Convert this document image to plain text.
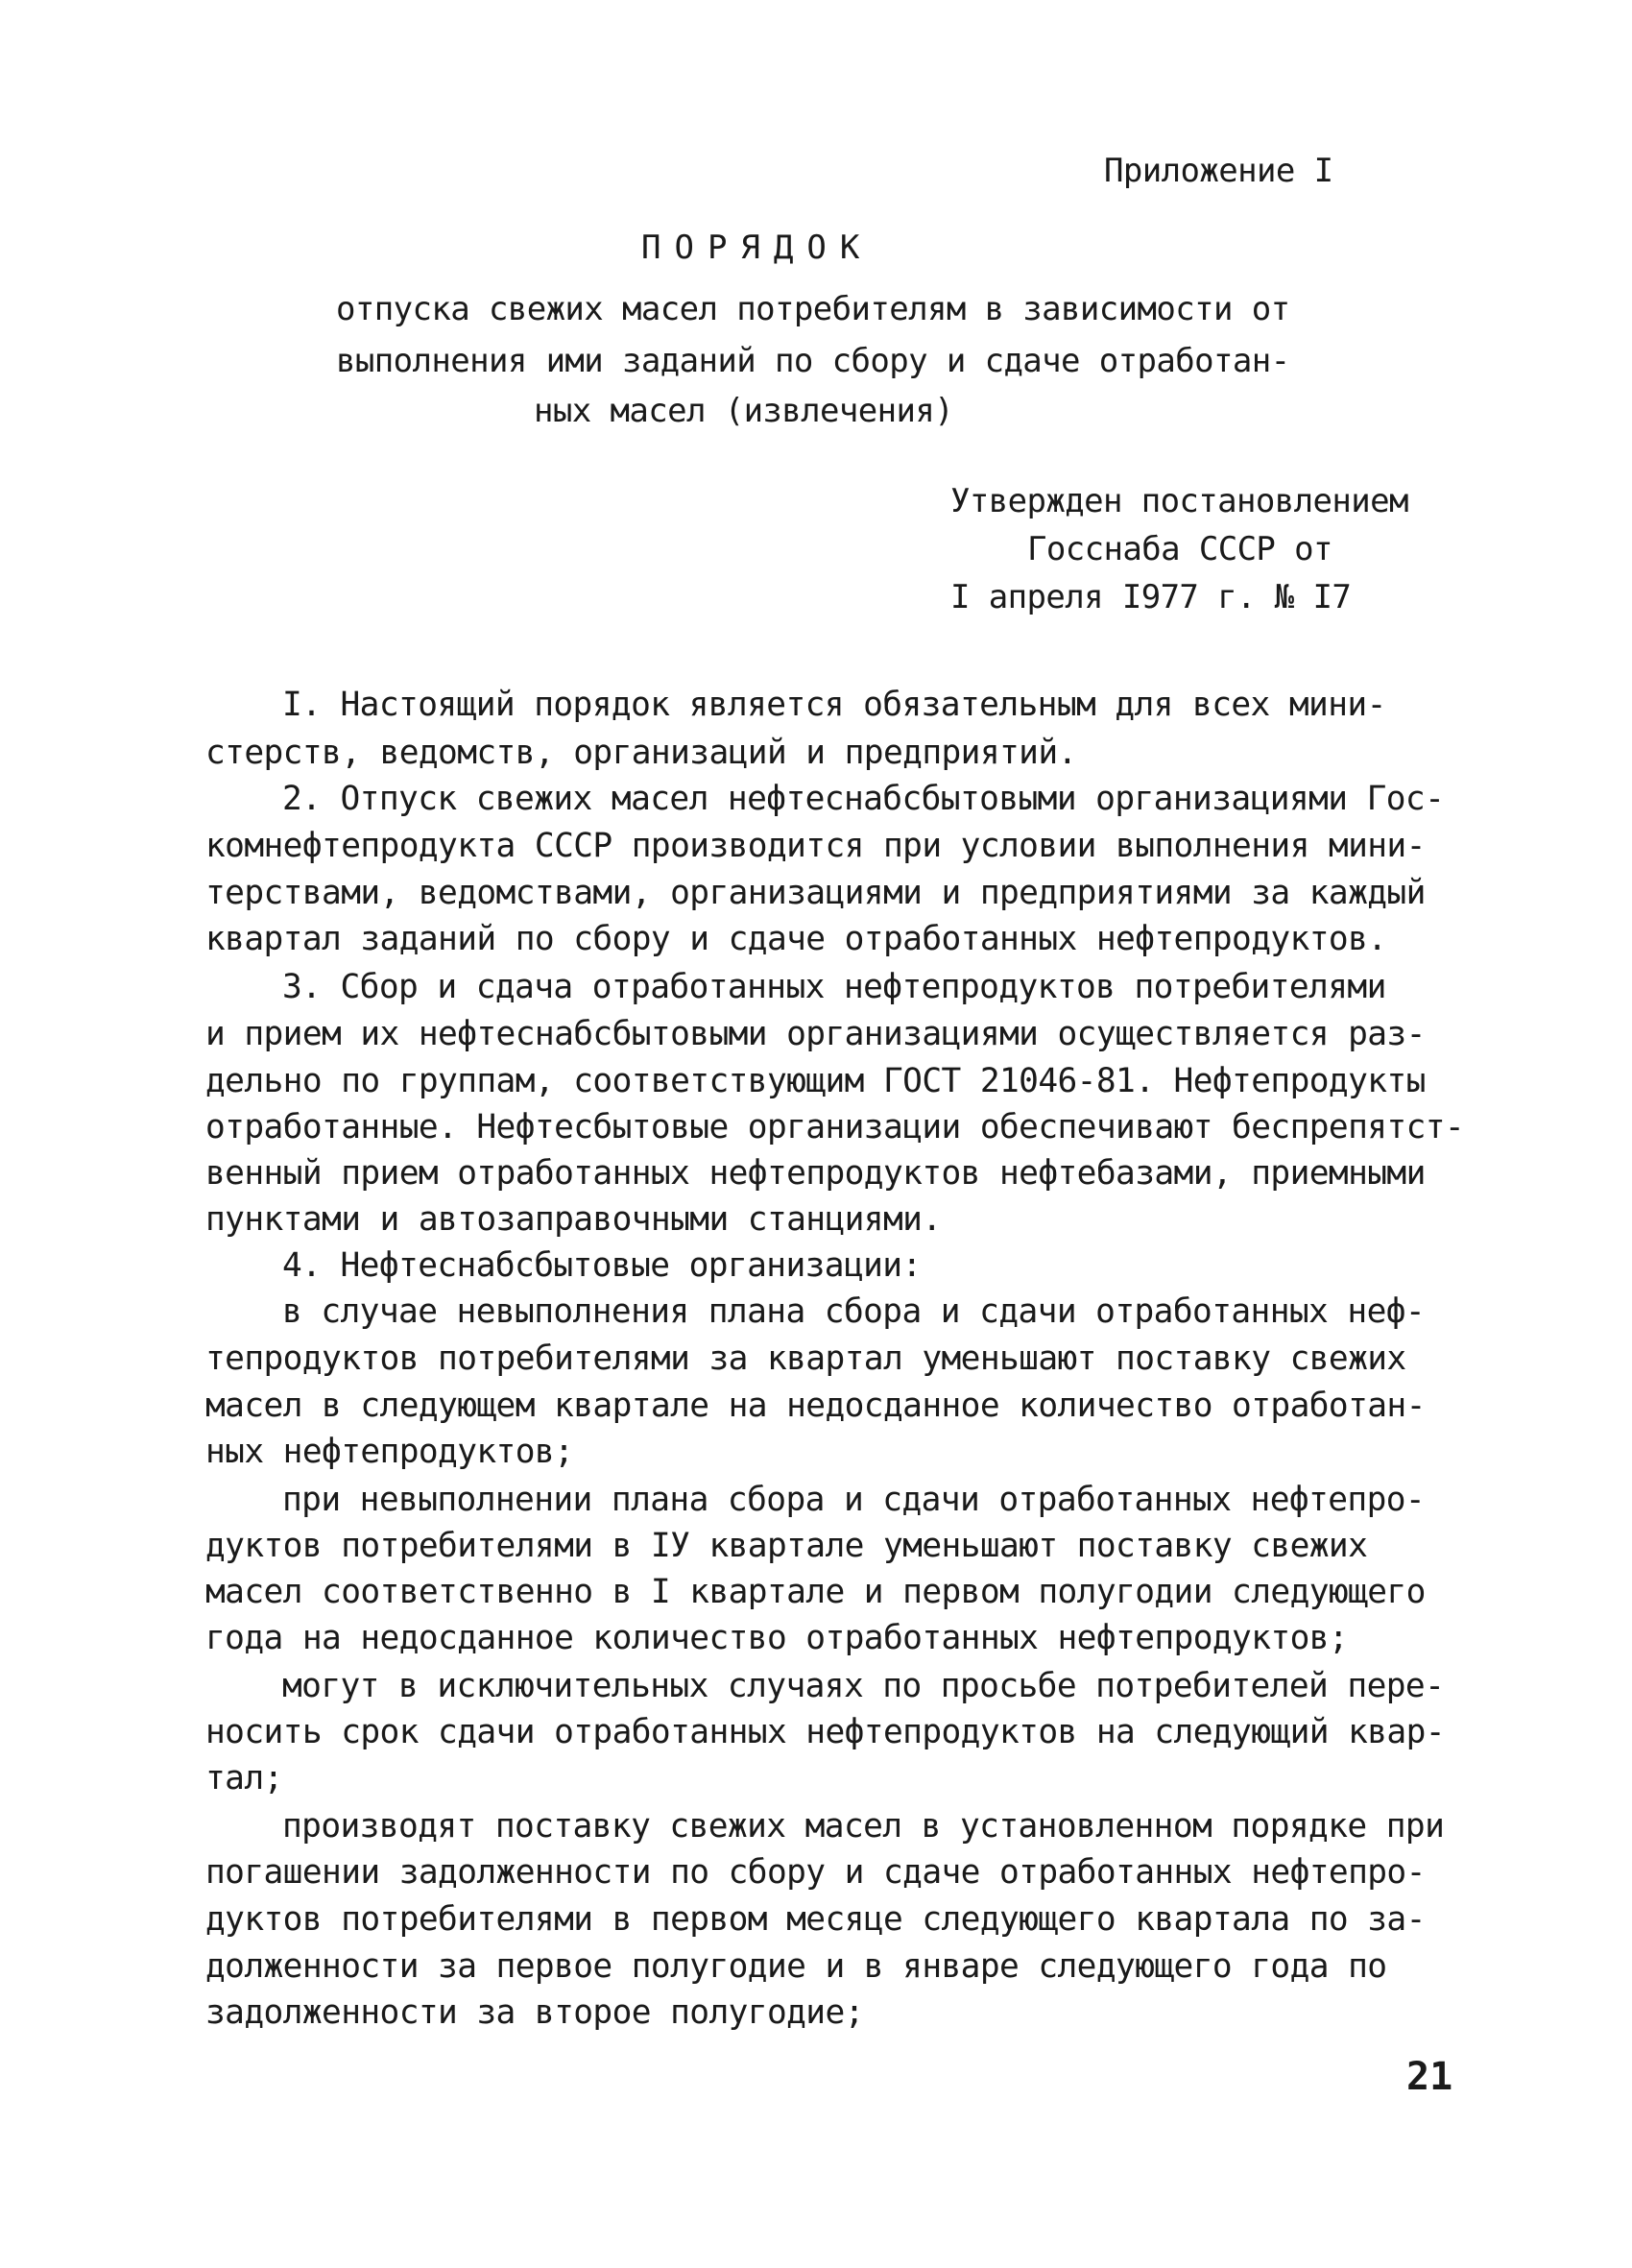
Приложение I
ПОРЯДОК
отпуска свежих масел потребителям в зависимости от
выполнения ими заданий по сбору и сдаче отработан-
ных масел (извлечения)
Утвержден постановлением
Госснаба СССР от
I апреля I977 г. № I7
I. Настоящий порядок является обязательным для всех мини-
стерств, ведомств, организаций и предприятий.
2. Отпуск свежих масел нефтеснабсбытовыми организациями Гос-
комнефтепродукта СССР производится при условии выполнения мини-
терствами, ведомствами, организациями и предприятиями за каждый
квартал заданий по сбору и сдаче отработанных нефтепродуктов.
3. Сбор и сдача отработанных нефтепродуктов потребителями
и прием их нефтеснабсбытовыми организациями осуществляется раз-
дельно по группам, соответствующим ГОСТ 21046-81. Нефтепродукты
отработанные. Нефтесбытовые организации обеспечивают беспрепятст-
венный прием отработанных нефтепродуктов нефтебазами, приемными
пунктами и автозаправочными станциями.
4. Нефтеснабсбытовые организации:
в случае невыполнения плана сбора и сдачи отработанных неф-
тепродуктов потребителями за квартал уменьшают поставку свежих
масел в следующем квартале на недосданное количество отработан-
ных нефтепродуктов;
при невыполнении плана сбора и сдачи отработанных нефтепро-
дуктов потребителями в IУ квартале уменьшают поставку свежих
масел соответственно в I квартале и первом полугодии следующего
года на недосданное количество отработанных нефтепродуктов;
могут в исключительных случаях по просьбе потребителей пере-
носить срок сдачи отработанных нефтепродуктов на следующий квар-
тал;
производят поставку свежих масел в установленном порядке при
погашении задолженности по сбору и сдаче отработанных нефтепро-
дуктов потребителями в первом месяце следующего квартала по за-
долженности за первое полугодие и в январе следующего года по
задолженности за второе полугодие;
21
